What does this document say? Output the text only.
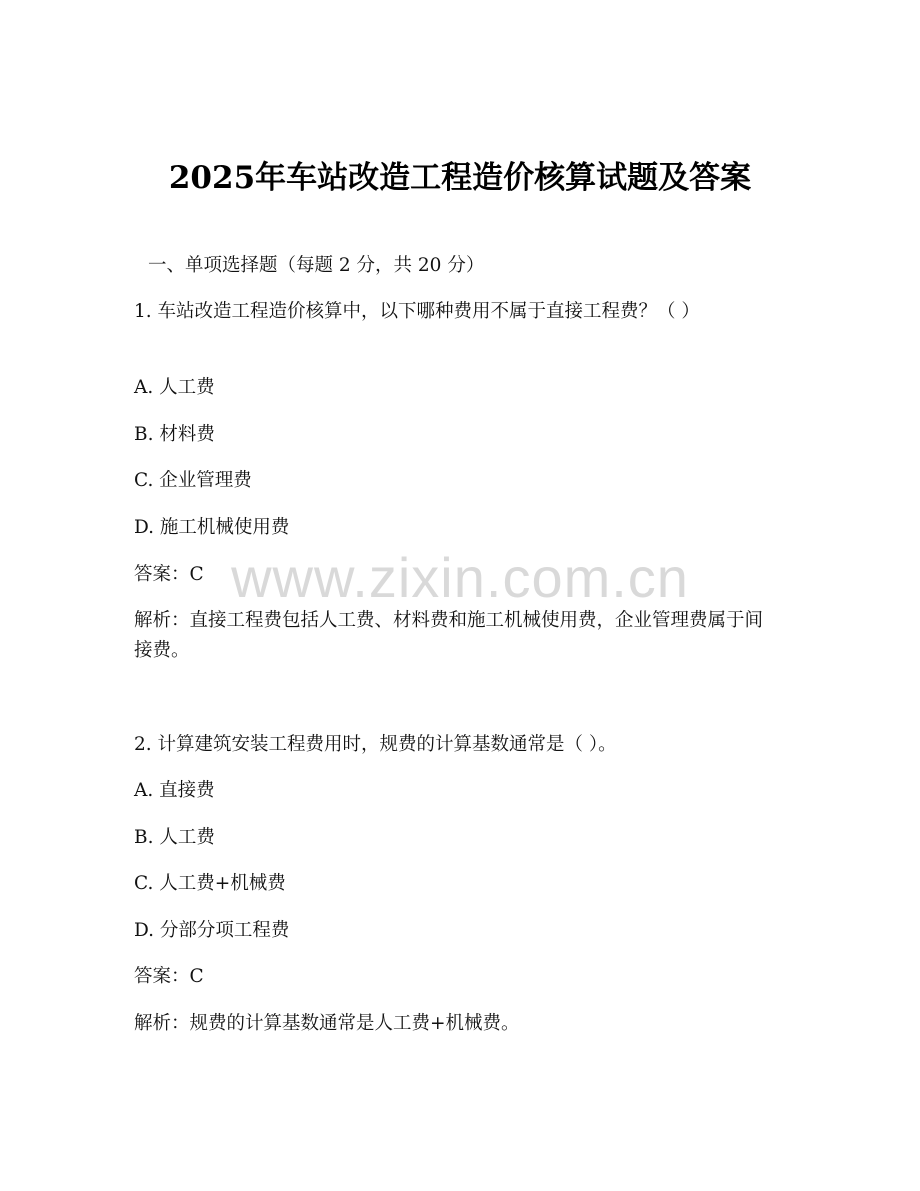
2025年车站改造工程造价核算试题及答案
一、单项选择题（每题 2 分，共 20 分）
1. 车站改造工程造价核算中，以下哪种费用不属于直接工程费？（ ）
A. 人工费
B. 材料费
C. 企业管理费
D. 施工机械使用费
答案：C
解析：直接工程费包括人工费、材料费和施工机械使用费，企业管理费属于间接费。
2. 计算建筑安装工程费用时，规费的计算基数通常是（ ）。
A. 直接费
B. 人工费
C. 人工费+机械费
D. 分部分项工程费
答案：C
解析：规费的计算基数通常是人工费+机械费。
www.zixin.com.cn
